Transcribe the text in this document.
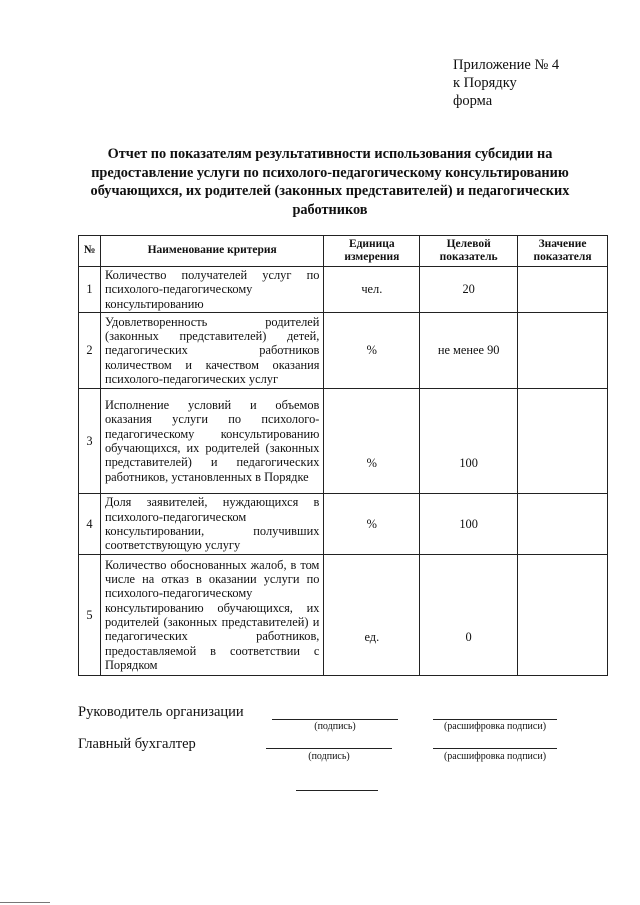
Приложение № 4
к Порядку
форма
Отчет по показателям результативности использования субсидии на предоставление услуги по психолого-педагогическому консультированию обучающихся, их родителей (законных представителей) и педагогических работников
№	Наименование критерия	Единица измерения	Целевой показатель	Значение показателя
1	Количество получателей услуг по психолого-педагогическому консультированию	чел.	20	
2	Удовлетворенность родителей (законных представителей) детей, педагогических работников количеством и качеством оказания психолого-педагогических услуг	%	не менее 90	
3	Исполнение условий и объемов оказания услуги по психолого-педагогическому консультированию обучающихся, их родителей (законных представителей) и педагогических работников, установленных в Порядке	%	100	
4	Доля заявителей, нуждающихся в психолого-педагогическом консультировании, получивших соответствующую услугу	%	100	
5	Количество обоснованных жалоб, в том числе на отказ в оказании услуги по психолого-педагогическому консультированию обучающихся, их родителей (законных представителей) и педагогических работников, предоставляемой в соответствии с Порядком	ед.	0	
Руководитель организации
(подпись)	(расшифровка подписи)
Главный бухгалтер
(подпись)	(расшифровка подписи)
